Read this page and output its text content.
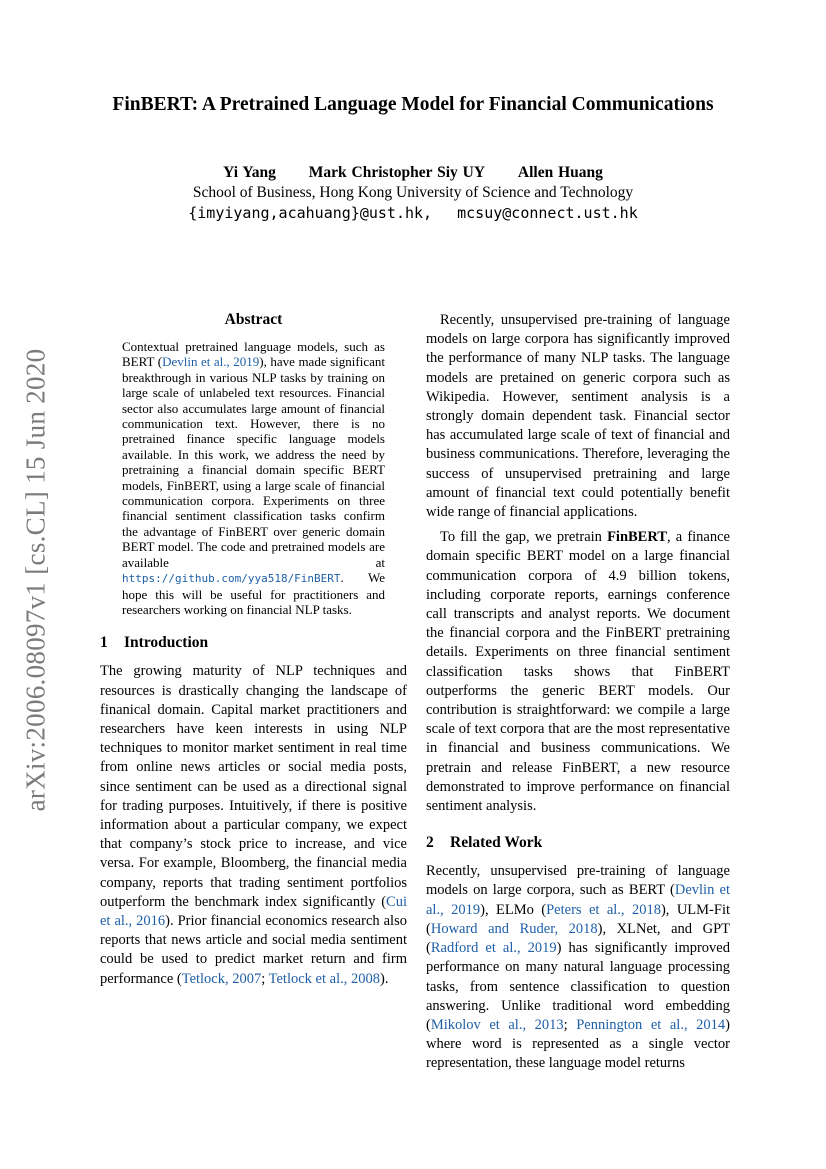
arXiv:2006.08097v1 [cs.CL] 15 Jun 2020
FinBERT: A Pretrained Language Model for Financial Communications
Yi Yang Mark Christopher Siy UY Allen Huang
School of Business, Hong Kong University of Science and Technology
{imyiyang,acahuang}@ust.hk, mcsuy@connect.ust.hk
Abstract
Contextual pretrained language models, such as BERT (Devlin et al., 2019), have made significant breakthrough in various NLP tasks by training on large scale of unlabeled text resources. Financial sector also accumulates large amount of financial communication text. However, there is no pretrained finance specific language models available. In this work, we address the need by pretraining a financial domain specific BERT models, FinBERT, using a large scale of financial communication corpora. Experiments on three financial sentiment classification tasks confirm the advantage of FinBERT over generic domain BERT model. The code and pretrained models are available at https://github.com/yya518/FinBERT. We hope this will be useful for practitioners and researchers working on financial NLP tasks.
1 Introduction

The growing maturity of NLP techniques and resources is drastically changing the landscape of finanical domain. Capital market practitioners and researchers have keen interests in using NLP techniques to monitor market sentiment in real time from online news articles or social media posts, since sentiment can be used as a directional signal for trading purposes. Intuitively, if there is positive information about a particular company, we expect that company’s stock price to increase, and vice versa. For example, Bloomberg, the financial media company, reports that trading sentiment portfolios outperform the benchmark index significantly (Cui et al., 2016). Prior financial economics research also reports that news article and social media sentiment could be used to predict market return and firm performance (Tetlock, 2007; Tetlock et al., 2008).

Recently, unsupervised pre-training of language models on large corpora has significantly improved the performance of many NLP tasks. The language models are pretained on generic corpora such as Wikipedia. However, sentiment analysis is a strongly domain dependent task. Financial sector has accumulated large scale of text of financial and business communications. Therefore, leveraging the success of unsupervised pretraining and large amount of financial text could potentially benefit wide range of financial applications.

To fill the gap, we pretrain FinBERT, a finance domain specific BERT model on a large financial communication corpora of 4.9 billion tokens, including corporate reports, earnings conference call transcripts and analyst reports. We document the financial corpora and the FinBERT pretraining details. Experiments on three financial sentiment classification tasks shows that FinBERT outperforms the generic BERT models. Our contribution is straightforward: we compile a large scale of text corpora that are the most representative in financial and business communications. We pretrain and release FinBERT, a new resource demonstrated to improve performance on financial sentiment analysis.

2 Related Work

Recently, unsupervised pre-training of language models on large corpora, such as BERT (Devlin et al., 2019), ELMo (Peters et al., 2018), ULM-Fit (Howard and Ruder, 2018), XLNet, and GPT (Radford et al., 2019) has significantly improved performance on many natural language processing tasks, from sentence classification to question answering. Unlike traditional word embedding (Mikolov et al., 2013; Pennington et al., 2014) where word is represented as a single vector representation, these language model returns
